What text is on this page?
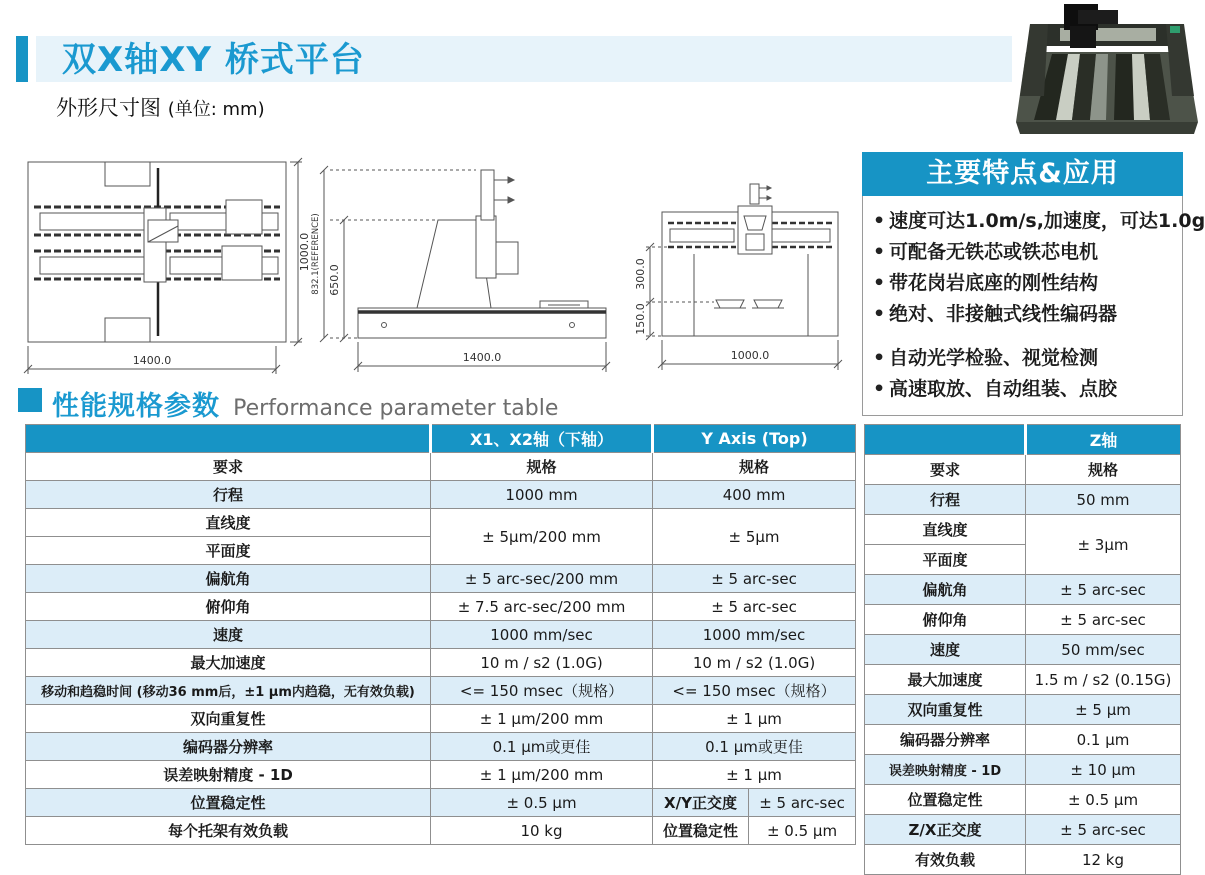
双X轴XY 桥式平台
外形尺寸图 (单位: mm)
1400.0
1000.0 832.1(REFERENCE) 650.0
1400.0
300.0
150.0
1000.0
主要特点&应用
• 速度可达1.0m/s,加速度，可达1.0g
• 可配备无铁芯或铁芯电机
• 带花岗岩底座的刚性结构
• 绝对、非接触式线性编码器
• 自动光学检验、视觉检测
• 高速取放、自动组装、点胶
性能规格参数 Performance parameter table
	X1、X2轴（下轴）	Y Axis (Top)	
要求	规格	规格	
行程	1000 mm	400 mm	
直线度	± 5μm/200 mm	± 5μm	
平面度			
偏航角	± 5 arc-sec/200 mm	± 5 arc-sec	
俯仰角	± 7.5 arc-sec/200 mm	± 5 arc-sec	
速度	1000 mm/sec	1000 mm/sec	
最大加速度	10 m / s2 (1.0G)	10 m / s2 (1.0G)	
移动和趋稳时间 (移动36 mm后，±1 μm内趋稳，无有效负载)	<= 150 msec（规格）	<= 150 msec（规格）	
双向重复性	± 1 μm/200 mm	± 1 μm	
编码器分辨率	0.1 μm或更佳	0.1 μm或更佳	
误差映射精度 - 1D	± 1 μm/200 mm	± 1 μm	
位置稳定性	± 0.5 μm	X/Y正交度	± 5 arc-sec
每个托架有效负载	10 kg	位置稳定性	± 0.5 μm
	Z轴
要求	规格
行程	50 mm
直线度	± 3μm
平面度	
偏航角	± 5 arc-sec
俯仰角	± 5 arc-sec
速度	50 mm/sec
最大加速度	1.5 m / s2 (0.15G)
双向重复性	± 5 μm
编码器分辨率	0.1 μm
误差映射精度 - 1D	± 10 μm
位置稳定性	± 0.5 μm
Z/X正交度	± 5 arc-sec
有效负载	12 kg
